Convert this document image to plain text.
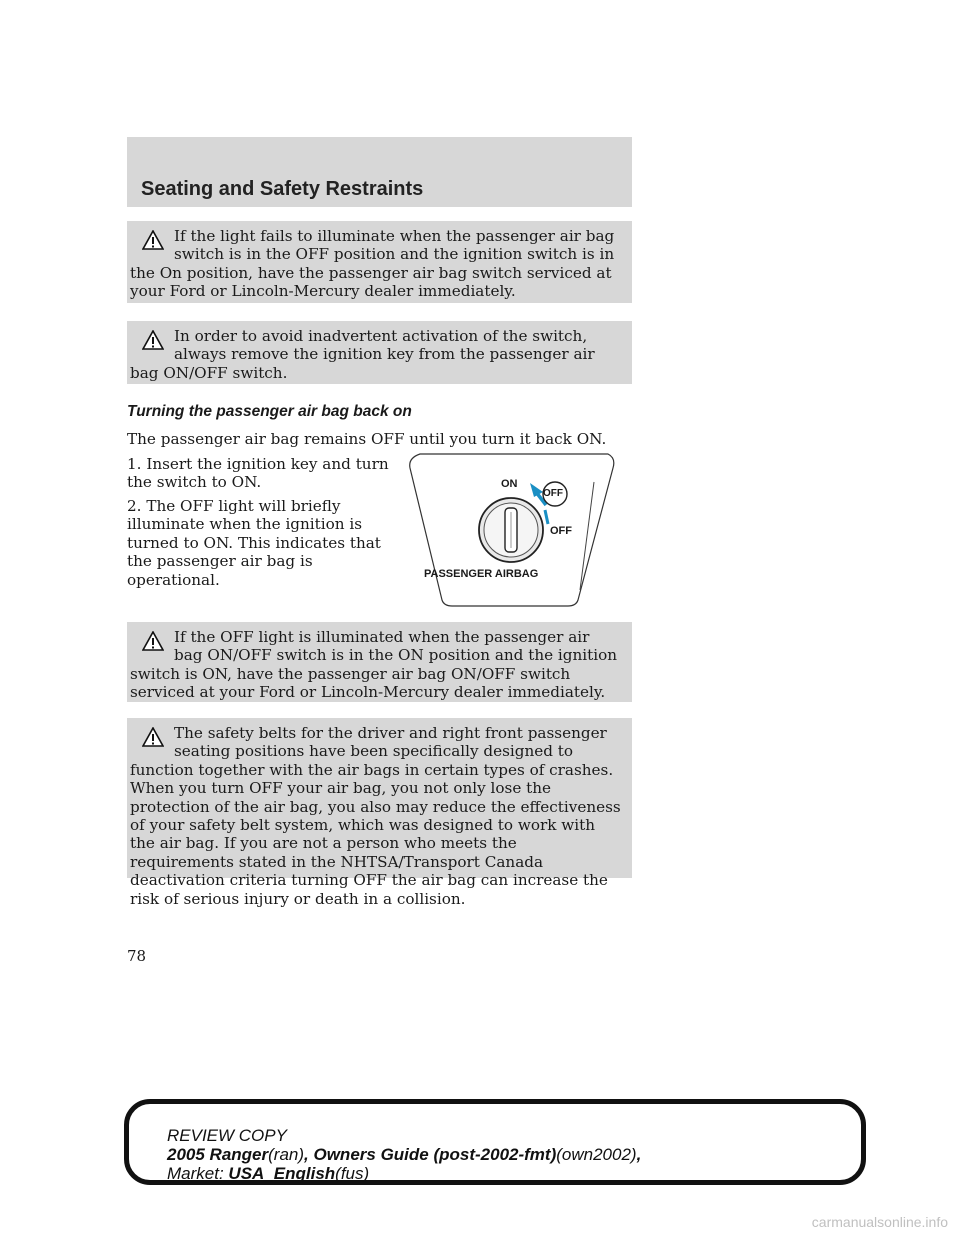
Seating and Safety Restraints

If the light fails to illuminate when the passenger air bag switch is in the OFF position and the ignition switch is in the On position, have the passenger air bag switch serviced at your Ford or Lincoln-Mercury dealer immediately.

In order to avoid inadvertent activation of the switch, always remove the ignition key from the passenger air bag ON/OFF switch.

Turning the passenger air bag back on
The passenger air bag remains OFF until you turn it back ON.
1. Insert the ignition key and turn the switch to ON.
2. The OFF light will briefly illuminate when the ignition is turned to ON. This indicates that the passenger air bag is operational.
ON
OFF
OFF
PASSENGER AIRBAG

If the OFF light is illuminated when the passenger air bag ON/OFF switch is in the ON position and the ignition switch is ON, have the passenger air bag ON/OFF switch serviced at your Ford or Lincoln-Mercury dealer immediately.

The safety belts for the driver and right front passenger seating positions have been specifically designed to function together with the air bags in certain types of crashes. When you turn OFF your air bag, you not only lose the protection of the air bag, you also may reduce the effectiveness of your safety belt system, which was designed to work with the air bag. If you are not a person who meets the requirements stated in the NHTSA/Transport Canada deactivation criteria turning OFF the air bag can increase the risk of serious injury or death in a collision.

78
REVIEW COPY
2005 Ranger(ran), Owners Guide (post-2002-fmt)(own2002),
Market: USA_English(fus)
carmanualsonline.info
